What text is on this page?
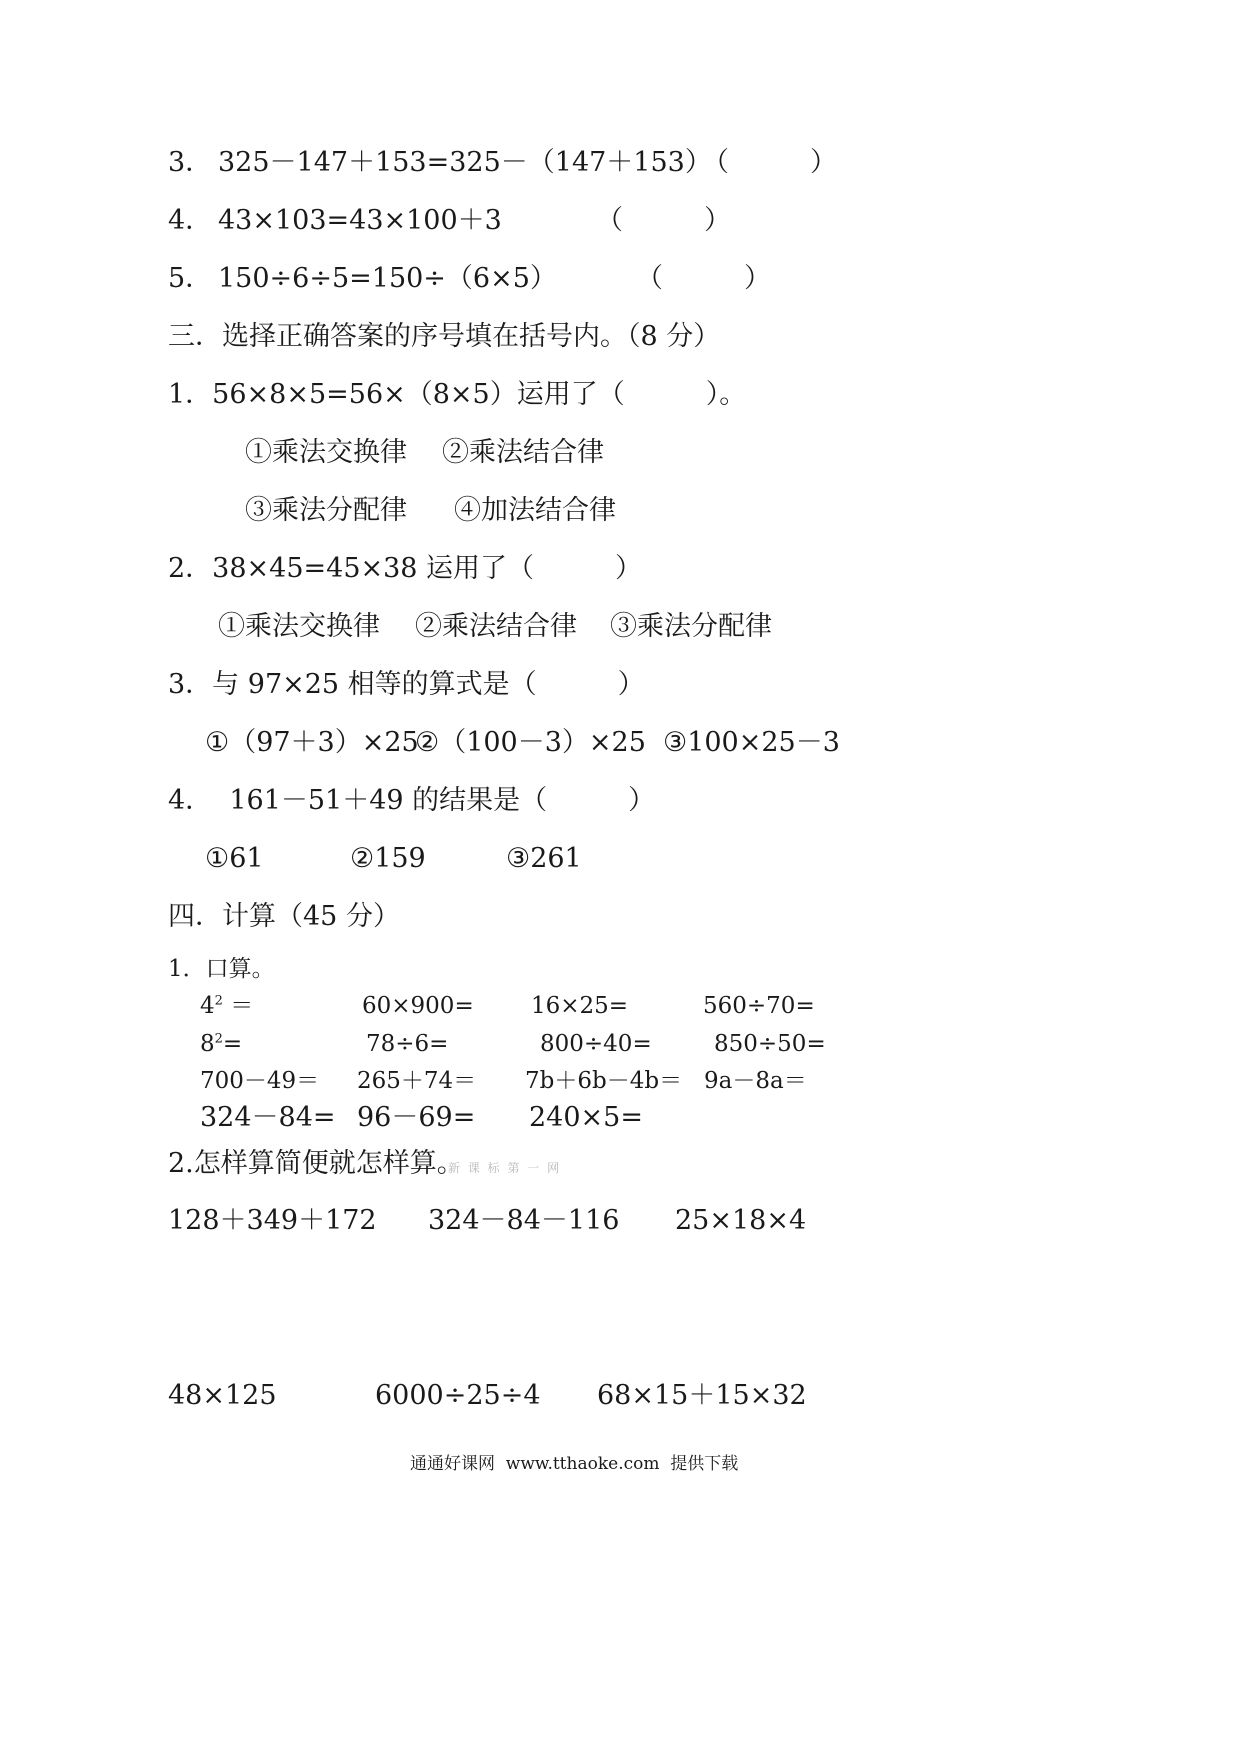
3． 325－147＋153=325－（147＋153）
（　　　）
4． 43×103=43×100＋3	（　　　）
5． 150÷6÷5=150÷（6×5）	（　　　）
三．选择正确答案的序号填在括号内。（8 分）
1．56×8×5=56×（8×5）运用了（　　　）。
①乘法交换律 ②乘法结合律
③乘法分配律 ④加法结合律
2．38×45=45×38 运用了（　　　）
①乘法交换律 ②乘法结合律 ③乘法分配律
3．与 97×25 相等的算式是（　　　）
①（97＋3）×25
②（100－3）×25 ③100×25－3
4．  161－51＋49 的结果是（　　　）
①61	②159	③261
四．计算（45 分）
1．口算。
$4^2$ ＝	60×900= 16×25=	560÷70=
$8^2=$	78÷6=	800÷40=	850÷50=
700－49＝ 265＋74＝ 7b＋6b－4b＝ 9a－8a＝
324－84= 96－69= 240×5=
2.怎样算简便就怎样算。
新 课 标 第 一 网
128＋349＋172 324－84－116 25×18×4
48×125	6000÷25÷4 68×15＋15×32
通通好课网  www.tthaoke.com  提供下载
